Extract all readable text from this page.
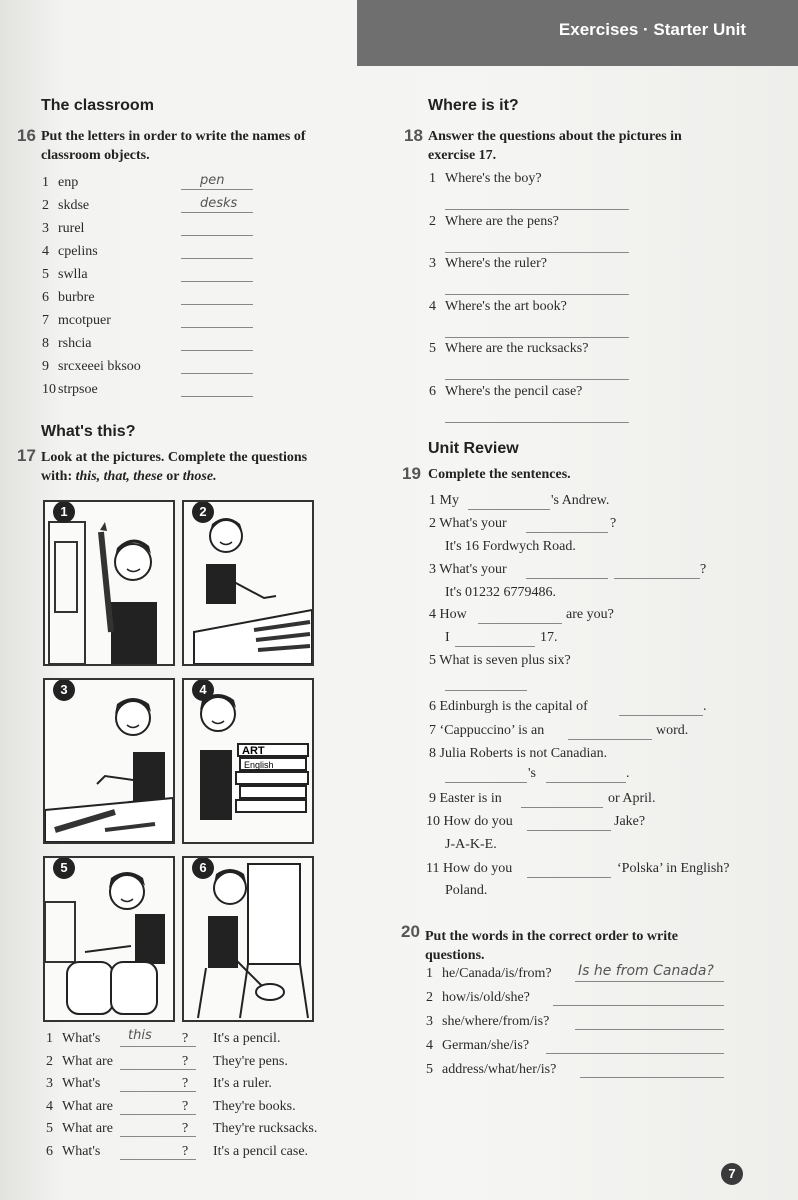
Exercises · Starter Unit
The classroom
16 Put the letters in order to write the names of classroom objects.
1 enp	pen
2 skdse	desks
3 rurel
4 cpelins
5 swlla
6 burbre
7 mcotpuer
8 rshcia
9 srcxeeei bksoo
10 strpsoe
What's this?
17 Look at the pictures. Complete the questions
with: this, that, these or those.
1	2
3
ART
English
4
5	6
1 What's this ? It's a pencil.
2 What are	? They're pens.
3 What's	? It's a ruler.
4 What are	? They're books.
5 What are	? They're rucksacks.
6 What's	? It's a pencil case.
Where is it?
18 Answer the questions about the pictures in exercise 17.
1 Where's the boy?
2 Where are the pens?
3 Where's the ruler?
4 Where's the art book?
5 Where are the rucksacks?
6 Where's the pencil case?
Unit Review
19 Complete the sentences.
1 My	's Andrew.
2 What's your	?
It's 16 Fordwych Road.
3 What's your	?
It's 01232 6779486.
4 How	are you?
I	17.
5 What is seven plus six?
6 Edinburgh is the capital of	.
7 ‘Cappuccino’ is an	word.
8 Julia Roberts is not Canadian.
's	.
9 Easter is in	or April.
10 How do you	Jake?
J-A-K-E.
11 How do you	‘Polska’ in English?
Poland.
20 Put the words in the correct order to write questions.
1 he/Canada/is/from? Is he from Canada?
2 how/is/old/she?
3 she/where/from/is?
4 German/she/is?
5 address/what/her/is?
7
